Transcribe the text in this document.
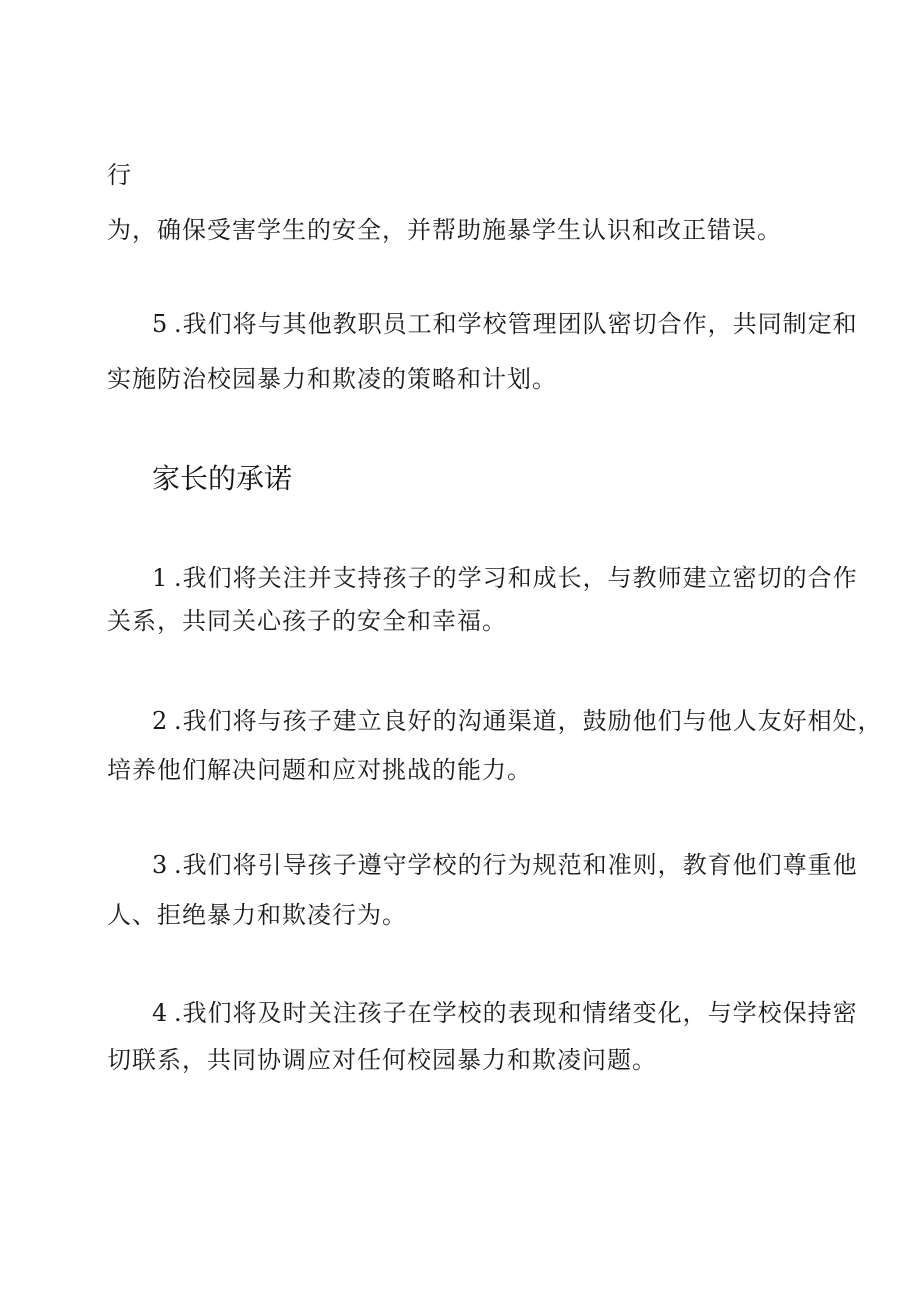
行
为，确保受害学生的安全，并帮助施暴学生认识和改正错误。
5 .我们将与其他教职员工和学校管理团队密切合作，共同制定和
实施防治校园暴力和欺凌的策略和计划。
家长的承诺
1 .我们将关注并支持孩子的学习和成长，与教师建立密切的合作
关系，共同关心孩子的安全和幸福。
2 .我们将与孩子建立良好的沟通渠道，鼓励他们与他人友好相处，
培养他们解决问题和应对挑战的能力。
3 .我们将引导孩子遵守学校的行为规范和准则，教育他们尊重他
人、拒绝暴力和欺凌行为。
4 .我们将及时关注孩子在学校的表现和情绪变化，与学校保持密
切联系，共同协调应对任何校园暴力和欺凌问题。
